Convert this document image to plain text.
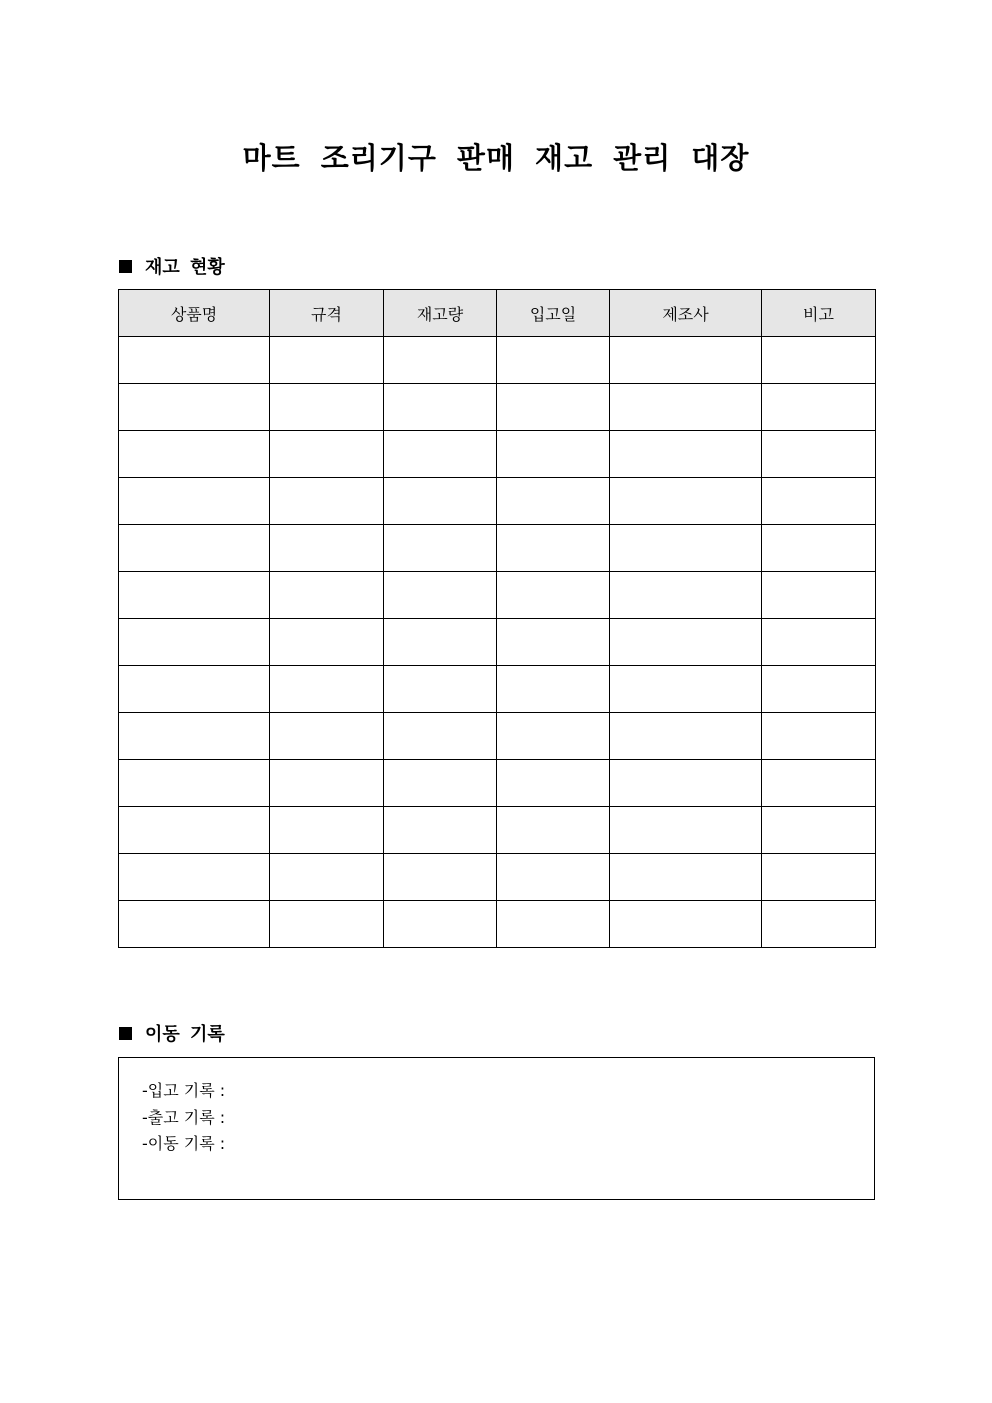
마트 조리기구 판매 재고 관리 대장
재고 현황
상품명	규격	재고량	입고일	제조사	비고

이동 기록
-입고 기록 :
-출고 기록 :
-이동 기록 :
